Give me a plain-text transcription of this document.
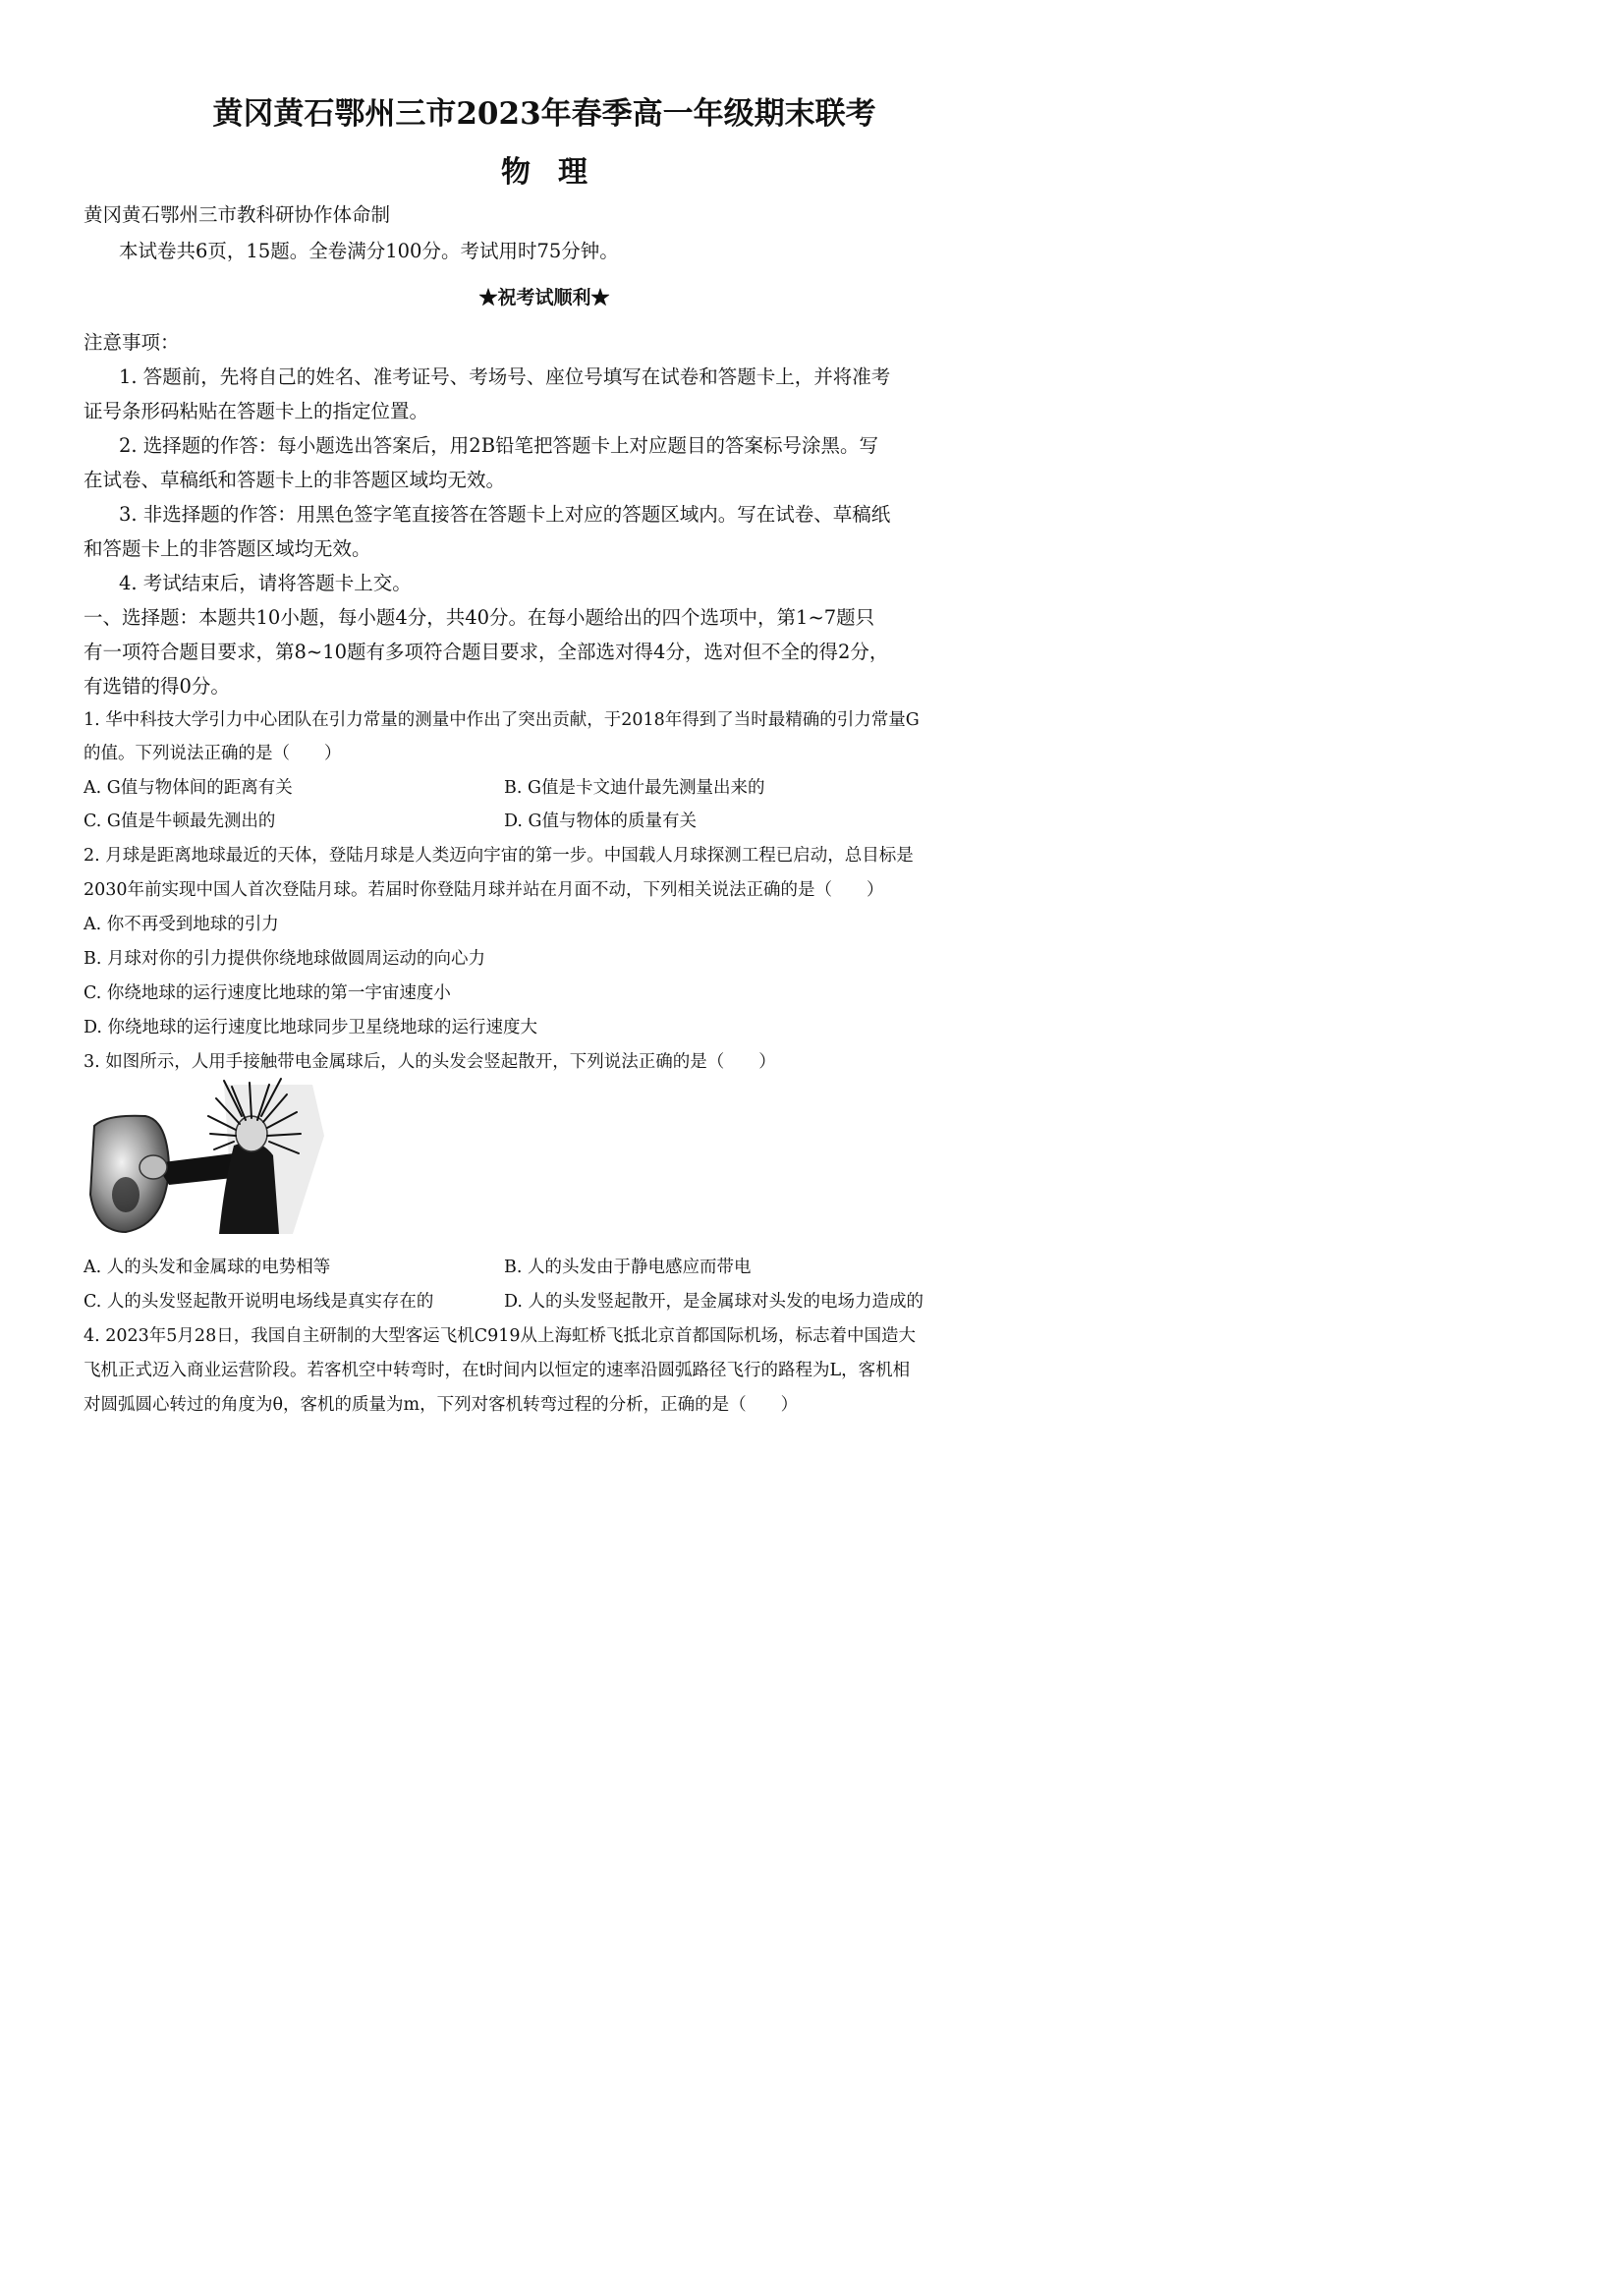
黄冈黄石鄂州三市2023年春季高一年级期末联考
物理
黄冈黄石鄂州三市教科研协作体命制
本试卷共6页，15题。全卷满分100分。考试用时75分钟。
★祝考试顺利★
注意事项：
1. 答题前，先将自己的姓名、准考证号、考场号、座位号填写在试卷和答题卡上，并将准考
证号条形码粘贴在答题卡上的指定位置。
2. 选择题的作答：每小题选出答案后，用2B铅笔把答题卡上对应题目的答案标号涂黑。写
在试卷、草稿纸和答题卡上的非答题区域均无效。
3. 非选择题的作答：用黑色签字笔直接答在答题卡上对应的答题区域内。写在试卷、草稿纸
和答题卡上的非答题区域均无效。
4. 考试结束后，请将答题卡上交。
一、选择题：本题共10小题，每小题4分，共40分。在每小题给出的四个选项中，第1~7题只
有一项符合题目要求，第8~10题有多项符合题目要求，全部选对得4分，选对但不全的得2分，
有选错的得0分。
1. 华中科技大学引力中心团队在引力常量的测量中作出了突出贡献，于2018年得到了当时最精确的引力常量G
的值。下列说法正确的是（　　）
A. G值与物体间的距离有关	B. G值是卡文迪什最先测量出来的
C. G值是牛顿最先测出的	D. G值与物体的质量有关
2. 月球是距离地球最近的天体，登陆月球是人类迈向宇宙的第一步。中国载人月球探测工程已启动，总目标是
2030年前实现中国人首次登陆月球。若届时你登陆月球并站在月面不动，下列相关说法正确的是（　　）
A. 你不再受到地球的引力
B. 月球对你的引力提供你绕地球做圆周运动的向心力
C. 你绕地球的运行速度比地球的第一宇宙速度小
D. 你绕地球的运行速度比地球同步卫星绕地球的运行速度大
3. 如图所示，人用手接触带电金属球后，人的头发会竖起散开，下列说法正确的是（　　）
A. 人的头发和金属球的电势相等	B. 人的头发由于静电感应而带电
C. 人的头发竖起散开说明电场线是真实存在的	D. 人的头发竖起散开，是金属球对头发的电场力造成的
4. 2023年5月28日，我国自主研制的大型客运飞机C919从上海虹桥飞抵北京首都国际机场，标志着中国造大
飞机正式迈入商业运营阶段。若客机空中转弯时，在t时间内以恒定的速率沿圆弧路径飞行的路程为L，客机相
对圆弧圆心转过的角度为θ，客机的质量为m，下列对客机转弯过程的分析，正确的是（　　）
